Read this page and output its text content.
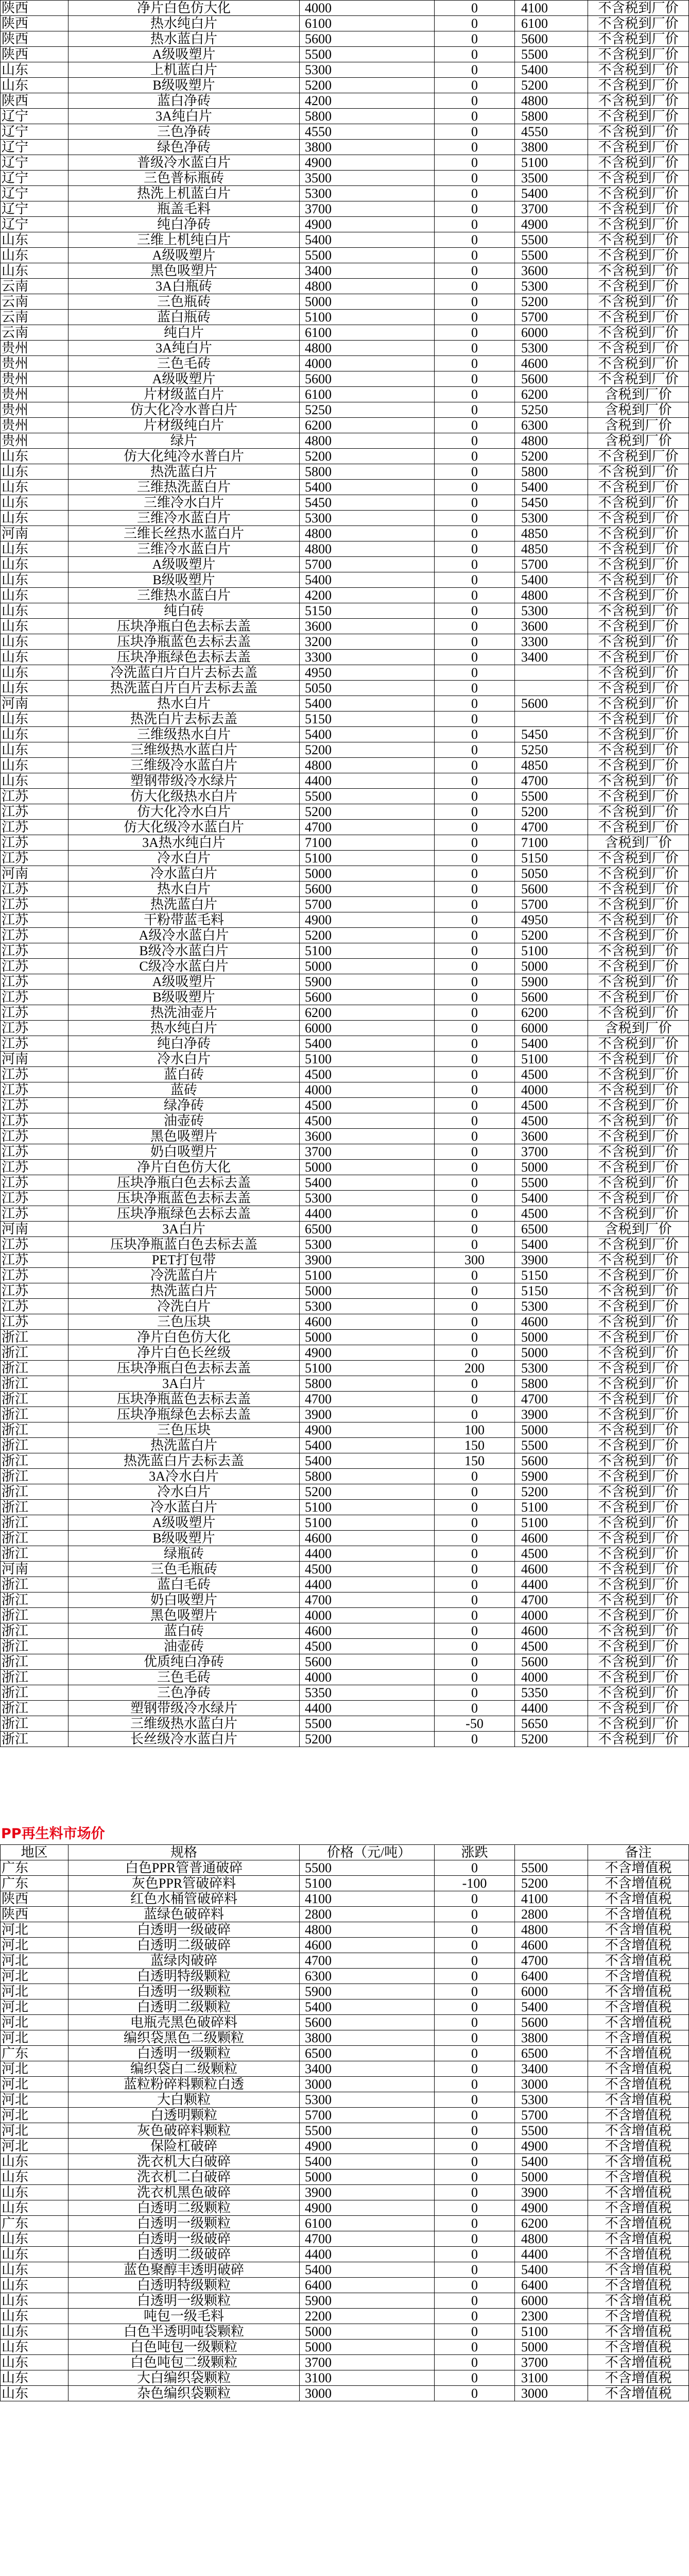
陕西	净片白色仿大化	4000	0	4100	不含税到厂价
陕西	热水纯白片	6100	0	6100	不含税到厂价
陕西	热水蓝白片	5600	0	5600	不含税到厂价
陕西	A级吸塑片	5500	0	5500	不含税到厂价
山东	上机蓝白片	5300	0	5400	不含税到厂价
山东	B级吸塑片	5200	0	5200	不含税到厂价
陕西	蓝白净砖	4200	0	4800	不含税到厂价
辽宁	3A纯白片	5800	0	5800	不含税到厂价
辽宁	三色净砖	4550	0	4550	不含税到厂价
辽宁	绿色净砖	3800	0	3800	不含税到厂价
辽宁	普级冷水蓝白片	4900	0	5100	不含税到厂价
辽宁	三色普标瓶砖	3500	0	3500	不含税到厂价
辽宁	热洗上机蓝白片	5300	0	5400	不含税到厂价
辽宁	瓶盖毛料	3700	0	3700	不含税到厂价
辽宁	纯白净砖	4900	0	4900	不含税到厂价
山东	三维上机纯白片	5400	0	5500	不含税到厂价
山东	A级吸塑片	5500	0	5500	不含税到厂价
山东	黑色吸塑片	3400	0	3600	不含税到厂价
云南	3A白瓶砖	4800	0	5300	不含税到厂价
云南	三色瓶砖	5000	0	5200	不含税到厂价
云南	蓝白瓶砖	5100	0	5700	不含税到厂价
云南	纯白片	6100	0	6000	不含税到厂价
贵州	3A纯白片	4800	0	5300	不含税到厂价
贵州	三色毛砖	4000	0	4600	不含税到厂价
贵州	A级吸塑片	5600	0	5600	不含税到厂价
贵州	片材级蓝白片	6100	0	6200	含税到厂价
贵州	仿大化冷水普白片	5250	0	5250	含税到厂价
贵州	片材级纯白片	6200	0	6300	含税到厂价
贵州	绿片	4800	0	4800	含税到厂价
山东	仿大化纯冷水普白片	5200	0	5200	不含税到厂价
山东	热洗蓝白片	5800	0	5800	不含税到厂价
山东	三维热洗蓝白片	5400	0	5400	不含税到厂价
山东	三维冷水白片	5450	0	5450	不含税到厂价
山东	三维冷水蓝白片	5300	0	5300	不含税到厂价
河南	三维长丝热水蓝白片	4800	0	4850	不含税到厂价
山东	三维冷水蓝白片	4800	0	4850	不含税到厂价
山东	A级吸塑片	5700	0	5700	不含税到厂价
山东	B级吸塑片	5400	0	5400	不含税到厂价
山东	三维热水蓝白片	4200	0	4800	不含税到厂价
山东	纯白砖	5150	0	5300	不含税到厂价
山东	压块净瓶白色去标去盖	3600	0	3600	不含税到厂价
山东	压块净瓶蓝色去标去盖	3200	0	3300	不含税到厂价
山东	压块净瓶绿色去标去盖	3300	0	3400	不含税到厂价
山东	冷洗蓝白片白片去标去盖	4950	0		不含税到厂价
山东	热洗蓝白片白片去标去盖	5050	0		不含税到厂价
河南	热水白片	5400	0	5600	不含税到厂价
山东	热洗白片去标去盖	5150	0		不含税到厂价
山东	三维级热水白片	5400	0	5450	不含税到厂价
山东	三维级热水蓝白片	5200	0	5250	不含税到厂价
山东	三维级冷水蓝白片	4800	0	4850	不含税到厂价
山东	塑钢带级冷水绿片	4400	0	4700	不含税到厂价
江苏	仿大化级热水白片	5500	0	5500	不含税到厂价
江苏	仿大化冷水白片	5200	0	5200	不含税到厂价
江苏	仿大化级冷水蓝白片	4700	0	4700	不含税到厂价
江苏	3A热水纯白片	7100	0	7100	含税到厂价
江苏	冷水白片	5100	0	5150	不含税到厂价
河南	冷水蓝白片	5000	0	5050	不含税到厂价
江苏	热水白片	5600	0	5600	不含税到厂价
江苏	热洗蓝白片	5700	0	5700	不含税到厂价
江苏	干粉带蓝毛料	4900	0	4950	不含税到厂价
江苏	A级冷水蓝白片	5200	0	5200	不含税到厂价
江苏	B级冷水蓝白片	5100	0	5100	不含税到厂价
江苏	C级冷水蓝白片	5000	0	5000	不含税到厂价
江苏	A级吸塑片	5900	0	5900	不含税到厂价
江苏	B级吸塑片	5600	0	5600	不含税到厂价
江苏	热洗油壶片	6200	0	6200	不含税到厂价
江苏	热水纯白片	6000	0	6000	含税到厂价
江苏	纯白净砖	5400	0	5400	不含税到厂价
河南	冷水白片	5100	0	5100	不含税到厂价
江苏	蓝白砖	4500	0	4500	不含税到厂价
江苏	蓝砖	4000	0	4000	不含税到厂价
江苏	绿净砖	4500	0	4500	不含税到厂价
江苏	油壶砖	4500	0	4500	不含税到厂价
江苏	黑色吸塑片	3600	0	3600	不含税到厂价
江苏	奶白吸塑片	3700	0	3700	不含税到厂价
江苏	净片白色仿大化	5000	0	5000	不含税到厂价
江苏	压块净瓶白色去标去盖	5400	0	5500	不含税到厂价
江苏	压块净瓶蓝色去标去盖	5300	0	5400	不含税到厂价
江苏	压块净瓶绿色去标去盖	4400	0	4500	不含税到厂价
河南	3A白片	6500	0	6500	含税到厂价
江苏	压块净瓶蓝白色去标去盖	5300	0	5400	不含税到厂价
江苏	PET打包带	3900	300	3900	不含税到厂价
江苏	冷洗蓝白片	5100	0	5150	不含税到厂价
江苏	热洗蓝白片	5000	0	5150	不含税到厂价
江苏	冷洗白片	5300	0	5300	不含税到厂价
江苏	三色压块	4600	0	4600	不含税到厂价
浙江	净片白色仿大化	5000	0	5000	不含税到厂价
浙江	净片白色长丝级	4900	0	5000	不含税到厂价
浙江	压块净瓶白色去标去盖	5100	200	5300	不含税到厂价
浙江	3A白片	5800	0	5800	不含税到厂价
浙江	压块净瓶蓝色去标去盖	4700	0	4700	不含税到厂价
浙江	压块净瓶绿色去标去盖	3900	0	3900	不含税到厂价
浙江	三色压块	4900	100	5000	不含税到厂价
浙江	热洗蓝白片	5400	150	5500	不含税到厂价
浙江	热洗蓝白片去标去盖	5400	150	5600	不含税到厂价
浙江	3A冷水白片	5800	0	5900	不含税到厂价
浙江	冷水白片	5200	0	5200	不含税到厂价
浙江	冷水蓝白片	5100	0	5100	不含税到厂价
浙江	A级吸塑片	5100	0	5100	不含税到厂价
浙江	B级吸塑片	4600	0	4600	不含税到厂价
浙江	绿瓶砖	4400	0	4500	不含税到厂价
河南	三色毛瓶砖	4500	0	4600	不含税到厂价
浙江	蓝白毛砖	4400	0	4400	不含税到厂价
浙江	奶白吸塑片	4700	0	4700	不含税到厂价
浙江	黑色吸塑片	4000	0	4000	不含税到厂价
浙江	蓝白砖	4600	0	4600	不含税到厂价
浙江	油壶砖	4500	0	4500	不含税到厂价
浙江	优质纯白净砖	5600	0	5600	不含税到厂价
浙江	三色毛砖	4000	0	4000	不含税到厂价
浙江	三色净砖	5350	0	5350	不含税到厂价
浙江	塑钢带级冷水绿片	4400	0	4400	不含税到厂价
浙江	三维级热水蓝白片	5500	-50	5650	不含税到厂价
浙江	长丝级冷水蓝白片	5200	0	5200	不含税到厂价
PP再生料市场价
地区	规格	价格（元/吨）	涨跌		备注
广东	白色PPR管普通破碎	5500	0	5500	不含增值税
广东	灰色PPR管破碎料	5100	-100	5200	不含增值税
陕西	红色水桶管破碎料	4100	0	4100	不含增值税
陕西	蓝绿色破碎料	2800	0	2800	不含增值税
河北	白透明一级破碎	4800	0	4800	不含增值税
河北	白透明二级破碎	4600	0	4600	不含增值税
河北	蓝绿肉破碎	4700	0	4700	不含增值税
河北	白透明特级颗粒	6300	0	6400	不含增值税
河北	白透明一级颗粒	5900	0	6000	不含增值税
河北	白透明二级颗粒	5400	0	5400	不含增值税
河北	电瓶壳黑色破碎料	5600	0	5600	不含增值税
河北	编织袋黑色二级颗粒	3800	0	3800	不含增值税
广东	白透明一级颗粒	6500	0	6500	不含增值税
河北	编织袋白二级颗粒	3400	0	3400	不含增值税
河北	蓝粒粉碎料颗粒白透	3000	0	3000	不含增值税
河北	大白颗粒	5300	0	5300	不含增值税
河北	白透明颗粒	5700	0	5700	不含增值税
河北	灰色破碎料颗粒	5500	0	5500	不含增值税
河北	保险杠破碎	4900	0	4900	不含增值税
山东	洗衣机大白破碎	5400	0	5400	不含增值税
山东	洗衣机二白破碎	5000	0	5000	不含增值税
山东	洗衣机黑色破碎	3900	0	3900	不含增值税
山东	白透明二级颗粒	4900	0	4900	不含增值税
广东	白透明一级颗粒	6100	0	6200	不含增值税
山东	白透明一级破碎	4700	0	4800	不含增值税
山东	白透明二级破碎	4400	0	4400	不含增值税
山东	蓝色聚醇丰透明破碎	5400	0	5400	不含增值税
山东	白透明特级颗粒	6400	0	6400	不含增值税
山东	白透明一级颗粒	5900	0	6000	不含增值税
山东	吨包一级毛料	2200	0	2300	不含增值税
山东	白色半透明吨袋颗粒	5000	0	5100	不含增值税
山东	白色吨包一级颗粒	5000	0	5000	不含增值税
山东	白色吨包二级颗粒	3700	0	3700	不含增值税
山东	大白编织袋颗粒	3100	0	3100	不含增值税
山东	杂色编织袋颗粒	3000	0	3000	不含增值税
